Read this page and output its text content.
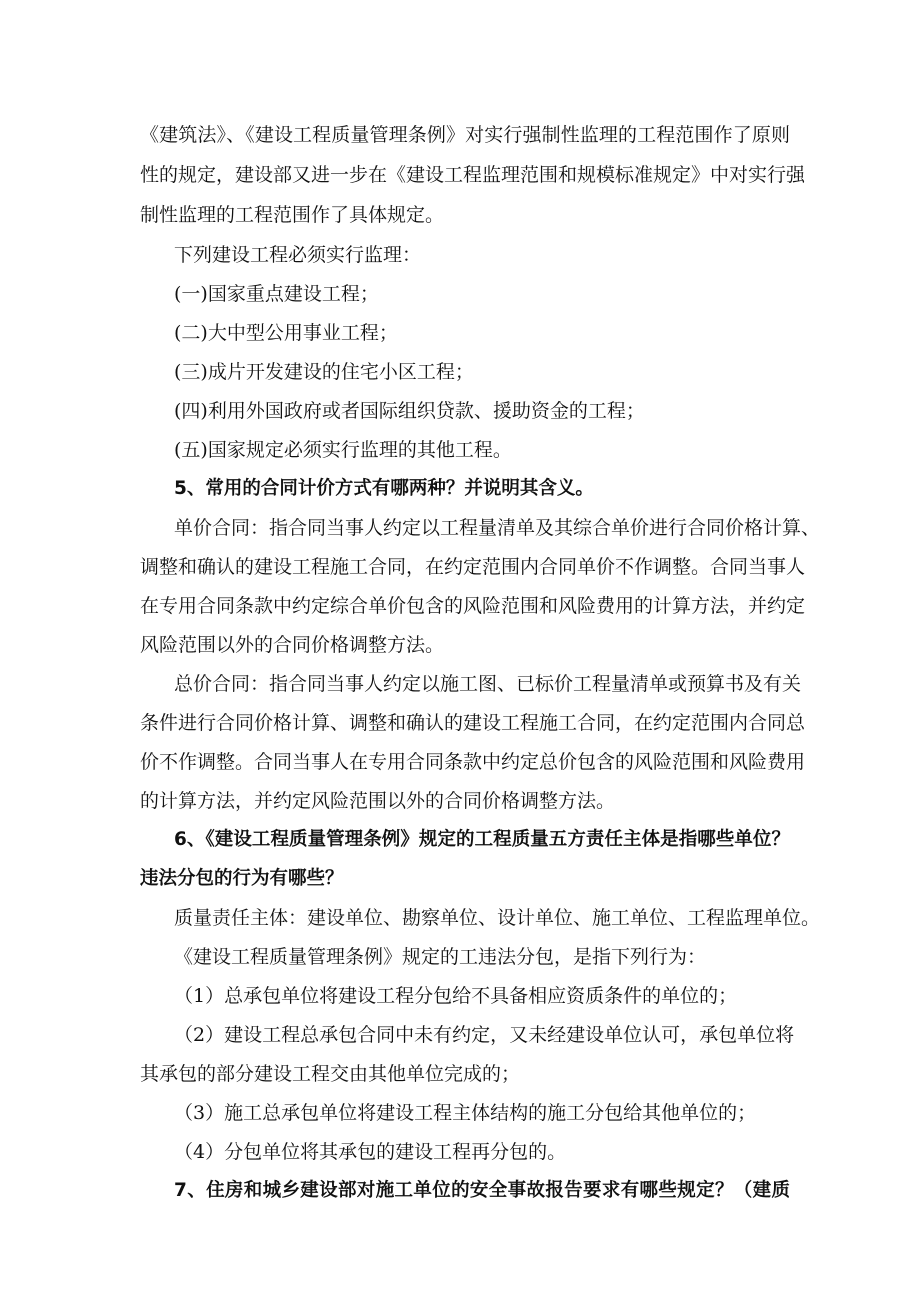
《建筑法》、《建设工程质量管理条例》对实行强制性监理的工程范围作了原则
性的规定，建设部又进一步在《建设工程监理范围和规模标准规定》中对实行强
制性监理的工程范围作了具体规定。
下列建设工程必须实行监理：
(一)国家重点建设工程；
(二)大中型公用事业工程；
(三)成片开发建设的住宅小区工程；
(四)利用外国政府或者国际组织贷款、援助资金的工程；
(五)国家规定必须实行监理的其他工程。
5、常用的合同计价方式有哪两种？并说明其含义。
单价合同：指合同当事人约定以工程量清单及其综合单价进行合同价格计算、
调整和确认的建设工程施工合同，在约定范围内合同单价不作调整。合同当事人
在专用合同条款中约定综合单价包含的风险范围和风险费用的计算方法，并约定
风险范围以外的合同价格调整方法。
总价合同：指合同当事人约定以施工图、已标价工程量清单或预算书及有关
条件进行合同价格计算、调整和确认的建设工程施工合同，在约定范围内合同总
价不作调整。合同当事人在专用合同条款中约定总价包含的风险范围和风险费用
的计算方法，并约定风险范围以外的合同价格调整方法。
6、《建设工程质量管理条例》规定的工程质量五方责任主体是指哪些单位？
违法分包的行为有哪些？
质量责任主体：建设单位、勘察单位、设计单位、施工单位、工程监理单位。
《建设工程质量管理条例》规定的工违法分包，是指下列行为：
（1）总承包单位将建设工程分包给不具备相应资质条件的单位的；
（2）建设工程总承包合同中未有约定，又未经建设单位认可，承包单位将
其承包的部分建设工程交由其他单位完成的；
（3）施工总承包单位将建设工程主体结构的施工分包给其他单位的；
（4）分包单位将其承包的建设工程再分包的。
7、住房和城乡建设部对施工单位的安全事故报告要求有哪些规定？（建质
